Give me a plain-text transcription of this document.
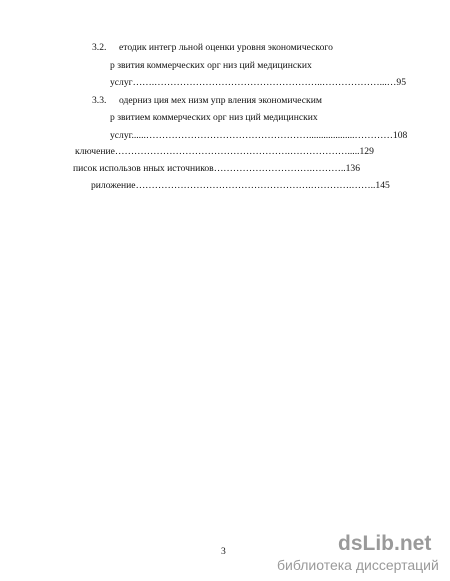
3.2. етодик интегр льной оценки уровня экономического
р звития коммерческих орг низ ций медицинских
услуг…….……………………………………………..………………...…95
3.3. одерниз ция мех низм упр вления экономическим
р звитием коммерческих орг низ ций медицинских
услуг......……………………………………………...................…………108
ключение……………………………………………….……………….....129
писок использов нных источников………………………….………..136
риложение……………………………………………….………….……..145
3	dsLib.net
библиотека диссертаций
